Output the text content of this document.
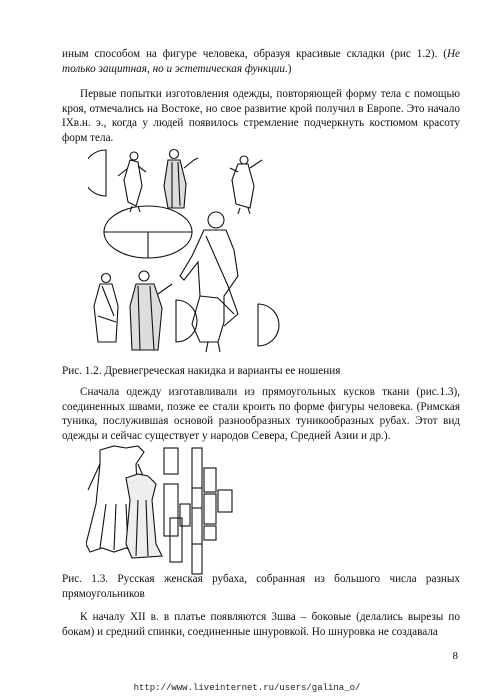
иным способом на фигуре человека, образуя красивые складки (рис 1.2). (Не только защитная, но и эстетическая функции.)

Первые попытки изготовления одежды, повторяющей форму тела с помощью кроя, отмечались на Востоке, но свое развитие крой получил в Европе. Это начало IXв.н. э., когда у людей появилось стремление подчеркнуть костюмом красоту форм тела.

Рис. 1.2. Древнегреческая накидка и варианты ее ношения

Сначала одежду изготавливали из прямоугольных кусков ткани (рис.1.3), соединенных швами, позже ее стали кроить по форме фигуры человека. (Римская туника, послужившая основой разнообразных туникообразных рубах. Этот вид одежды и сейчас существует у народов Севера, Средней Азии и др.).

Рис. 1.3. Русская женская рубаха, собранная из большого числа разных прямоугольников

К началу XII в. в платье появляются 3шва – боковые (делались вырезы по бокам) и средний спинки, соединенные шнуровкой. Но шнуровка не создавала

8
http://www.liveinternet.ru/users/galina_o/
